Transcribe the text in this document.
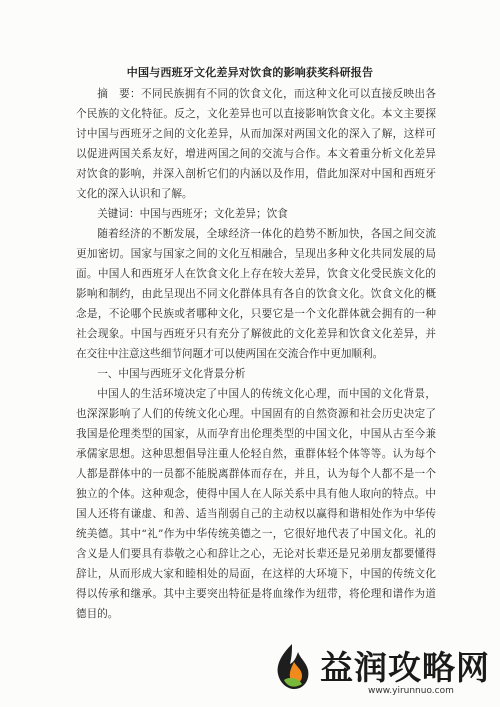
中国与西班牙文化差异对饮食的影响获奖科研报告

摘　要：不同民族拥有不同的饮食文化，而这种文化可以直接反映出各个民族的文化特征。反之，文化差异也可以直接影响饮食文化。本文主要探讨中国与西班牙之间的文化差异，从而加深对两国文化的深入了解，这样可以促进两国关系友好，增进两国之间的交流与合作。本文着重分析文化差异对饮食的影响，并深入剖析它们的内涵以及作用，借此加深对中国和西班牙文化的深入认识和了解。

关键词：中国与西班牙；文化差异；饮食

随着经济的不断发展，全球经济一体化的趋势不断加快，各国之间交流更加密切。国家与国家之间的文化互相融合，呈现出多种文化共同发展的局面。中国人和西班牙人在饮食文化上存在较大差异，饮食文化受民族文化的影响和制约，由此呈现出不同文化群体具有各自的饮食文化。饮食文化的概念是，不论哪个民族或者哪种文化，只要它是一个文化群体就会拥有的一种社会现象。中国与西班牙只有充分了解彼此的文化差异和饮食文化差异，并在交往中注意这些细节问题才可以使两国在交流合作中更加顺利。

一、中国与西班牙文化背景分析

中国人的生活环境决定了中国人的传统文化心理，而中国的文化背景，也深深影响了人们的传统文化心理。中国固有的自然资源和社会历史决定了我国是伦理类型的国家，从而孕育出伦理类型的中国文化，中国从古至今兼承儒家思想。这种思想倡导注重人伦轻自然，重群体轻个体等等。认为每个人都是群体中的一员都不能脱离群体而存在，并且，认为每个人都不是一个独立的个体。这种观念，使得中国人在人际关系中具有他人取向的特点。中国人还将有谦虚、和善、适当削弱自己的主动权以赢得和谐相处作为中华传统美德。其中“礼”作为中华传统美德之一，它很好地代表了中国文化。礼的含义是人们要具有恭敬之心和辞让之心，无论对长辈还是兄弟朋友都要懂得辞让，从而形成大家和睦相处的局面，在这样的大环境下，中国的传统文化得以传承和继承。其中主要突出特征是将血缘作为纽带，将伦理和谱作为道德目的。

益润攻略网
www.yirunnuo.com
